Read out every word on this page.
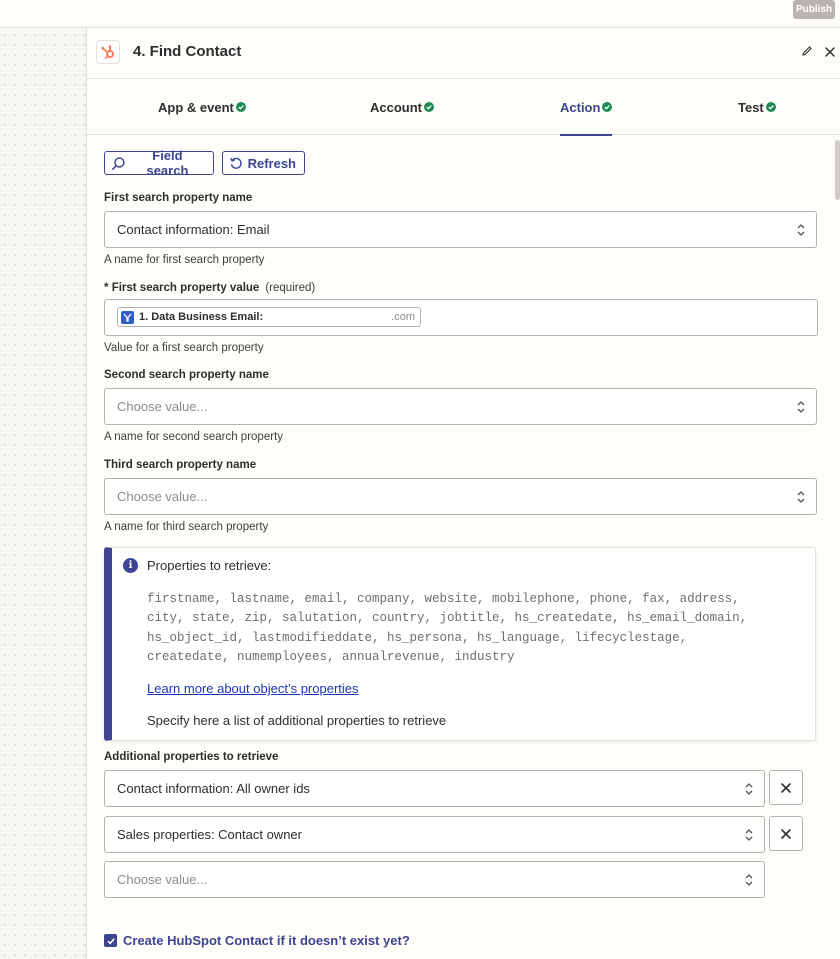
Publish
4. Find Contact
App & event	Account	Action	Test
Field search	Refresh
First search property name
Contact information: Email
A name for first search property
* First search property value (required)
1. Data Business Email:	.com
Value for a first search property
Second search property name
Choose value...
A name for second search property
Third search property name
Choose value...
A name for third search property
i	Properties to retrieve:
firstname, lastname, email, company, website, mobilephone, phone, fax, address,
city, state, zip, salutation, country, jobtitle, hs_createdate, hs_email_domain,
hs_object_id, lastmodifieddate, hs_persona, hs_language, lifecyclestage,
createdate, numemployees, annualrevenue, industry
Learn more about object’s properties
Specify here a list of additional properties to retrieve
Additional properties to retrieve
Contact information: All owner ids
Sales properties: Contact owner
Choose value...
Create HubSpot Contact if it doesn’t exist yet?
